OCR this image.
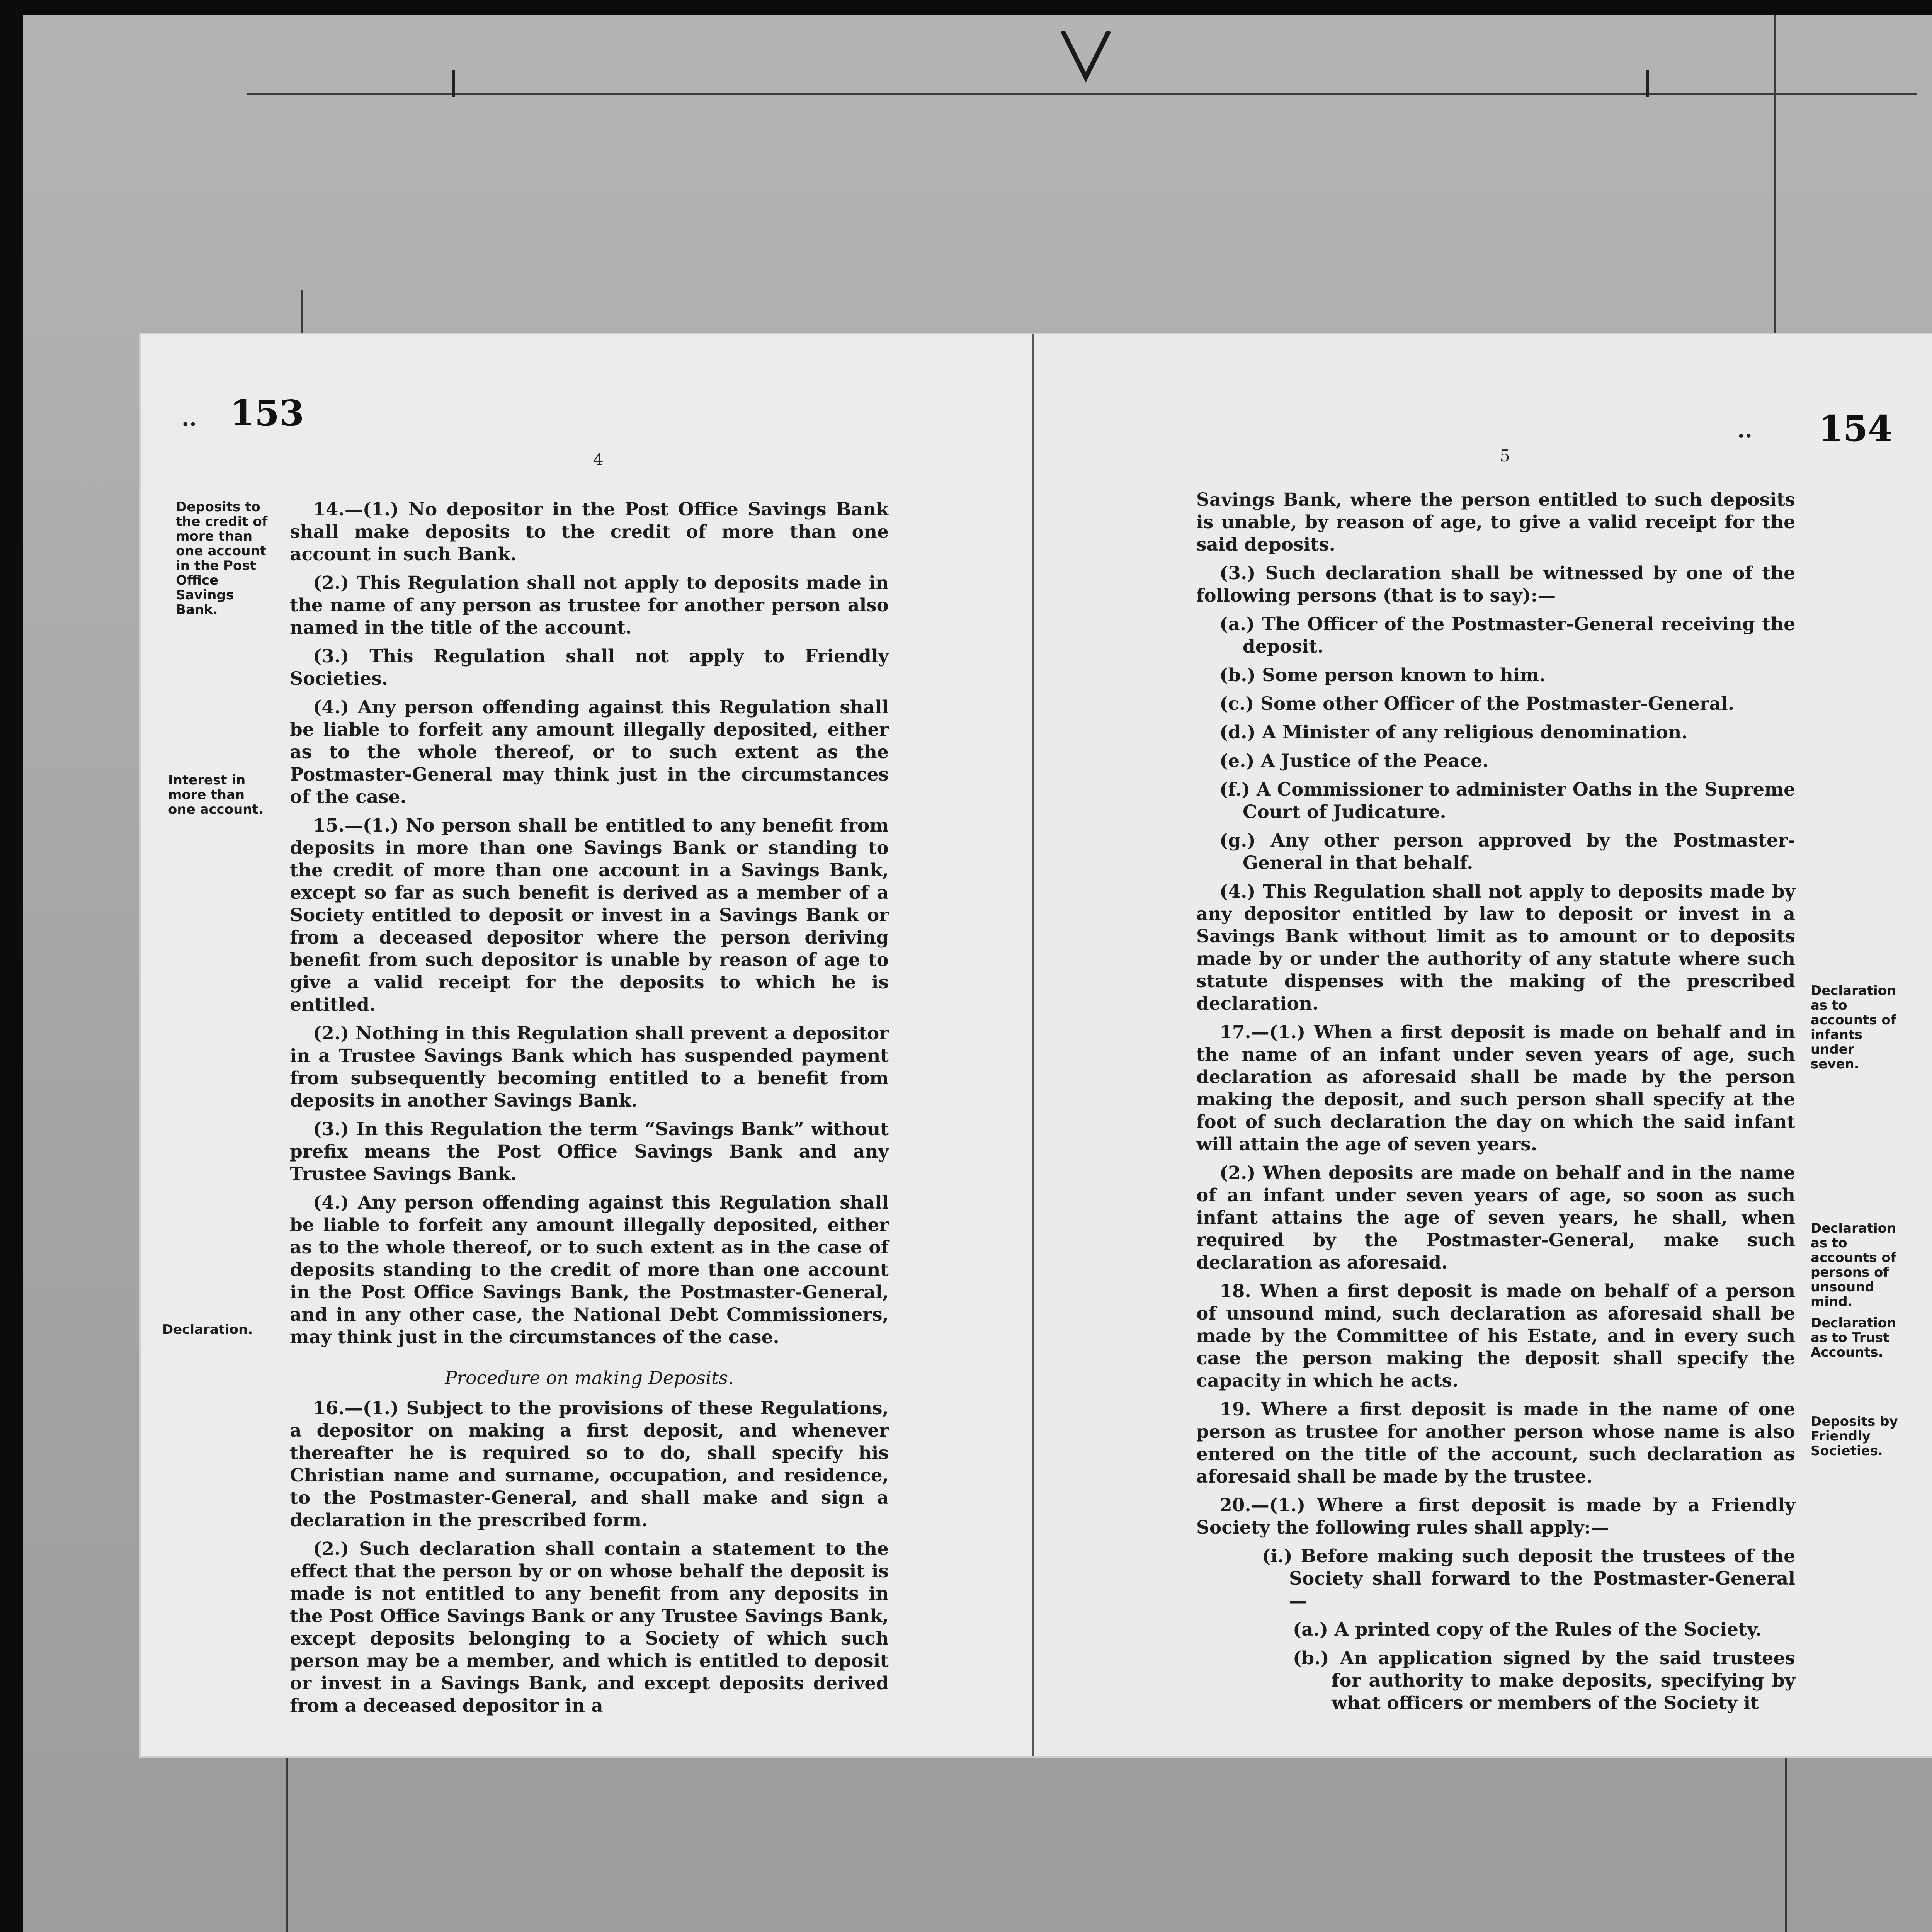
.. 153
4
Deposits to the credit of more than one account in the Post Office Savings Bank.
Interest in more than one account.
Declaration.

14.—(1.) No depositor in the Post Office Savings Bank shall make deposits to the credit of more than one account in such Bank.

(2.) This Regulation shall not apply to deposits made in the name of any person as trustee for another person also named in the title of the account.

(3.) This Regulation shall not apply to Friendly Societies.

(4.) Any person offending against this Regulation shall be liable to forfeit any amount illegally deposited, either as to the whole thereof, or to such extent as the Postmaster-General may think just in the circumstances of the case.

15.—(1.) No person shall be entitled to any benefit from deposits in more than one Savings Bank or standing to the credit of more than one account in a Savings Bank, except so far as such benefit is derived as a member of a Society entitled to deposit or invest in a Savings Bank or from a deceased depositor where the person deriving benefit from such depositor is unable by reason of age to give a valid receipt for the deposits to which he is entitled.

(2.) Nothing in this Regulation shall prevent a depositor in a Trustee Savings Bank which has suspended payment from subsequently becoming entitled to a benefit from deposits in another Savings Bank.

(3.) In this Regulation the term “Savings Bank” without prefix means the Post Office Savings Bank and any Trustee Savings Bank.

(4.) Any person offending against this Regulation shall be liable to forfeit any amount illegally deposited, either as to the whole thereof, or to such extent as in the case of deposits standing to the credit of more than one account in the Post Office Savings Bank, the Postmaster-General, and in any other case, the National Debt Commissioners, may think just in the circumstances of the case.

Procedure on making Deposits.

16.—(1.) Subject to the provisions of these Regulations, a depositor on making a first deposit, and whenever thereafter he is required so to do, shall specify his Christian name and surname, occupation, and residence, to the Postmaster-General, and shall make and sign a declaration in the prescribed form.

(2.) Such declaration shall contain a statement to the effect that the person by or on whose behalf the deposit is made is not entitled to any benefit from any deposits in the Post Office Savings Bank or any Trustee Savings Bank, except deposits belonging to a Society of which such person may be a member, and which is entitled to deposit or invest in a Savings Bank, and except deposits derived from a deceased depositor in a

.. 154
5
Declaration as to accounts of infants under seven.
Declaration as to accounts of persons of unsound mind.
Declaration as to Trust Accounts.
Deposits by Friendly Societies.

Savings Bank, where the person entitled to such deposits is unable, by reason of age, to give a valid receipt for the said deposits.

(3.) Such declaration shall be witnessed by one of the following persons (that is to say):—

(a.) The Officer of the Postmaster-General receiving the deposit.

(b.) Some person known to him.

(c.) Some other Officer of the Postmaster-General.

(d.) A Minister of any religious denomination.

(e.) A Justice of the Peace.

(f.) A Commissioner to administer Oaths in the Supreme Court of Judicature.

(g.) Any other person approved by the Postmaster-General in that behalf.

(4.) This Regulation shall not apply to deposits made by any depositor entitled by law to deposit or invest in a Savings Bank without limit as to amount or to deposits made by or under the authority of any statute where such statute dispenses with the making of the prescribed declaration.

17.—(1.) When a first deposit is made on behalf and in the name of an infant under seven years of age, such declaration as aforesaid shall be made by the person making the deposit, and such person shall specify at the foot of such declaration the day on which the said infant will attain the age of seven years.

(2.) When deposits are made on behalf and in the name of an infant under seven years of age, so soon as such infant attains the age of seven years, he shall, when required by the Postmaster-General, make such declaration as aforesaid.

18. When a first deposit is made on behalf of a person of unsound mind, such declaration as aforesaid shall be made by the Committee of his Estate, and in every such case the person making the deposit shall specify the capacity in which he acts.

19. Where a first deposit is made in the name of one person as trustee for another person whose name is also entered on the title of the account, such declaration as aforesaid shall be made by the trustee.

20.—(1.) Where a first deposit is made by a Friendly Society the following rules shall apply:—

(i.) Before making such deposit the trustees of the Society shall forward to the Postmaster-General—

(a.) A printed copy of the Rules of the Society.

(b.) An application signed by the said trustees for authority to make deposits, specifying by what officers or members of the Society it
